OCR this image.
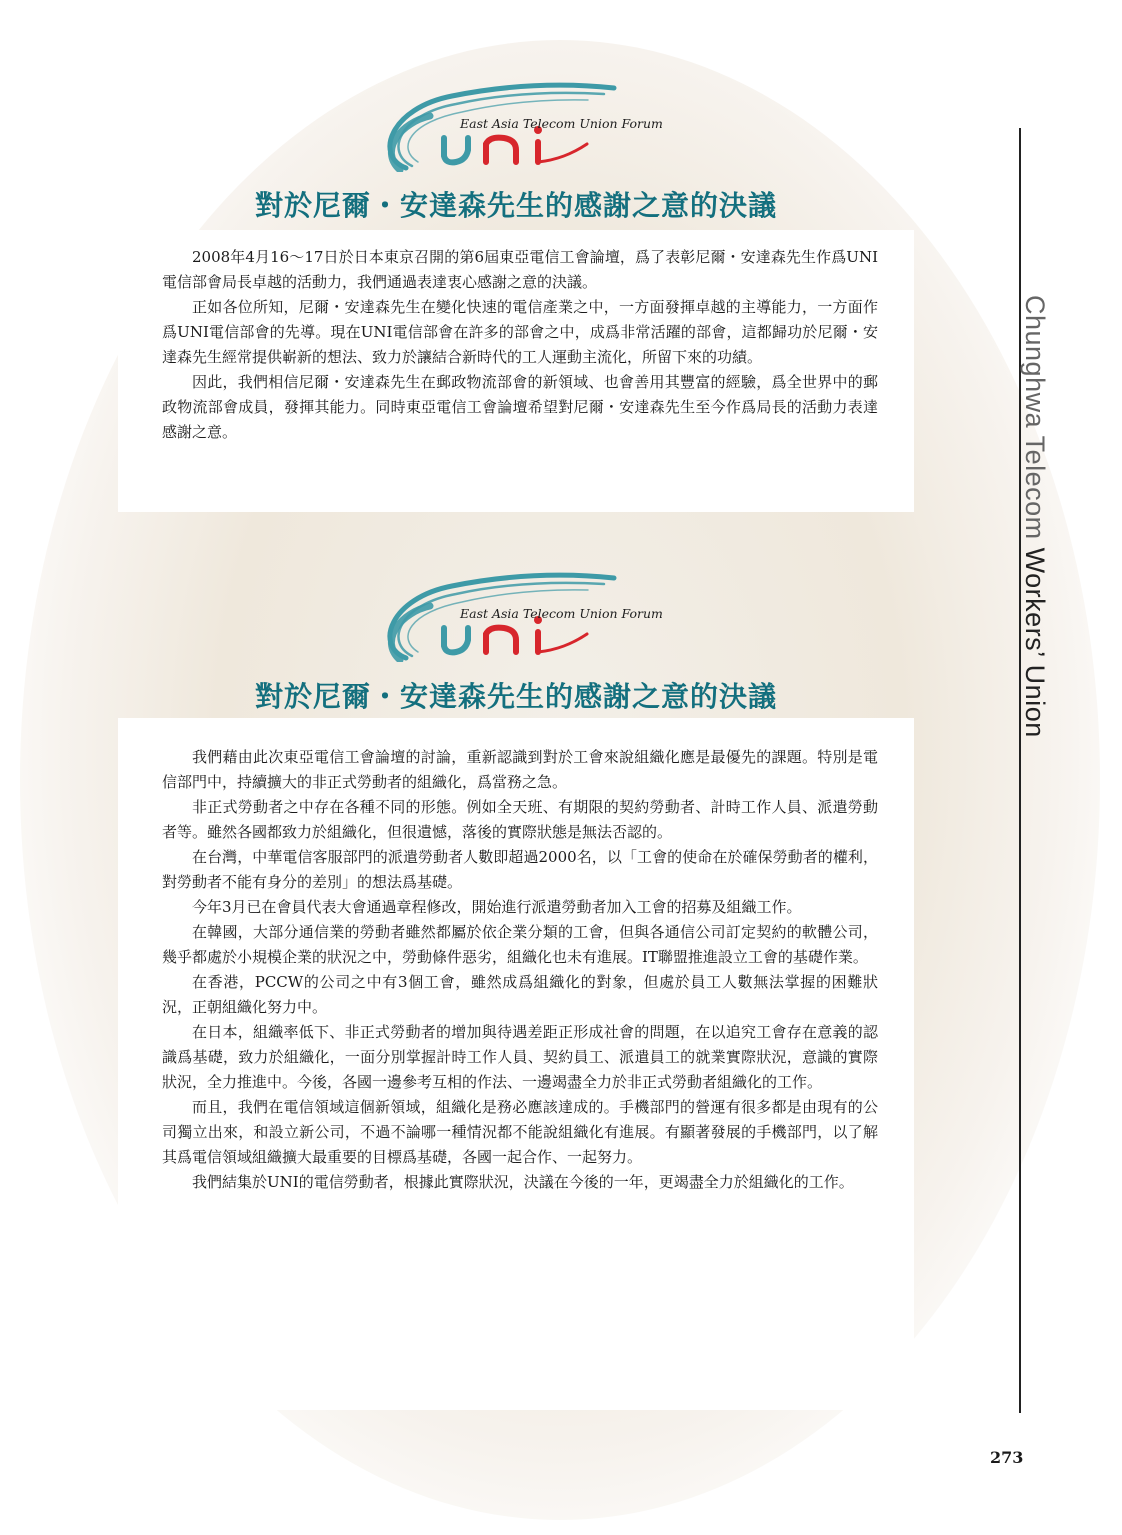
East Asia Telecom Union Forum
對於尼爾・安達森先生的感謝之意的決議

2008年4月16～17日於日本東京召開的第6屆東亞電信工會論壇，爲了表彰尼爾・安達森先生作爲UNI電信部會局長卓越的活動力，我們通過表達衷心感謝之意的決議。

正如各位所知，尼爾・安達森先生在變化快速的電信產業之中，一方面發揮卓越的主導能力，一方面作爲UNI電信部會的先導。現在UNI電信部會在許多的部會之中，成爲非常活躍的部會，這都歸功於尼爾・安達森先生經常提供嶄新的想法、致力於讓結合新時代的工人運動主流化，所留下來的功績。

因此，我們相信尼爾・安達森先生在郵政物流部會的新領域、也會善用其豐富的經驗，爲全世界中的郵政物流部會成員，發揮其能力。同時東亞電信工會論壇希望對尼爾・安達森先生至今作爲局長的活動力表達感謝之意。

East Asia Telecom Union Forum
對於尼爾・安達森先生的感謝之意的決議

我們藉由此次東亞電信工會論壇的討論，重新認識到對於工會來說組織化應是最優先的課題。特別是電信部門中，持續擴大的非正式勞動者的組織化，爲當務之急。

非正式勞動者之中存在各種不同的形態。例如全天班、有期限的契約勞動者、計時工作人員、派遣勞動者等。雖然各國都致力於組織化，但很遺憾，落後的實際狀態是無法否認的。

在台灣，中華電信客服部門的派遣勞動者人數即超過2000名，以「工會的使命在於確保勞動者的權利，對勞動者不能有身分的差別」的想法爲基礎。

今年3月已在會員代表大會通過章程修改，開始進行派遣勞動者加入工會的招募及組織工作。

在韓國，大部分通信業的勞動者雖然都屬於依企業分類的工會，但與各通信公司訂定契約的軟體公司，幾乎都處於小規模企業的狀況之中，勞動條件惡劣，組織化也未有進展。IT聯盟推進設立工會的基礎作業。

在香港，PCCW的公司之中有3個工會，雖然成爲組織化的對象，但處於員工人數無法掌握的困難狀況，正朝組織化努力中。

在日本，組織率低下、非正式勞動者的增加與待遇差距正形成社會的問題，在以追究工會存在意義的認識爲基礎，致力於組織化，一面分別掌握計時工作人員、契約員工、派遣員工的就業實際狀況，意識的實際狀況，全力推進中。今後，各國一邊參考互相的作法、一邊竭盡全力於非正式勞動者組織化的工作。

而且，我們在電信領域這個新領域，組織化是務必應該達成的。手機部門的營運有很多都是由現有的公司獨立出來，和設立新公司，不過不論哪一種情況都不能說組織化有進展。有顯著發展的手機部門，以了解其爲電信領域組織擴大最重要的目標爲基礎，各國一起合作、一起努力。

我們結集於UNI的電信勞動者，根據此實際狀況，決議在今後的一年，更竭盡全力於組織化的工作。

Chunghwa Telecom Workers’ Union
273
